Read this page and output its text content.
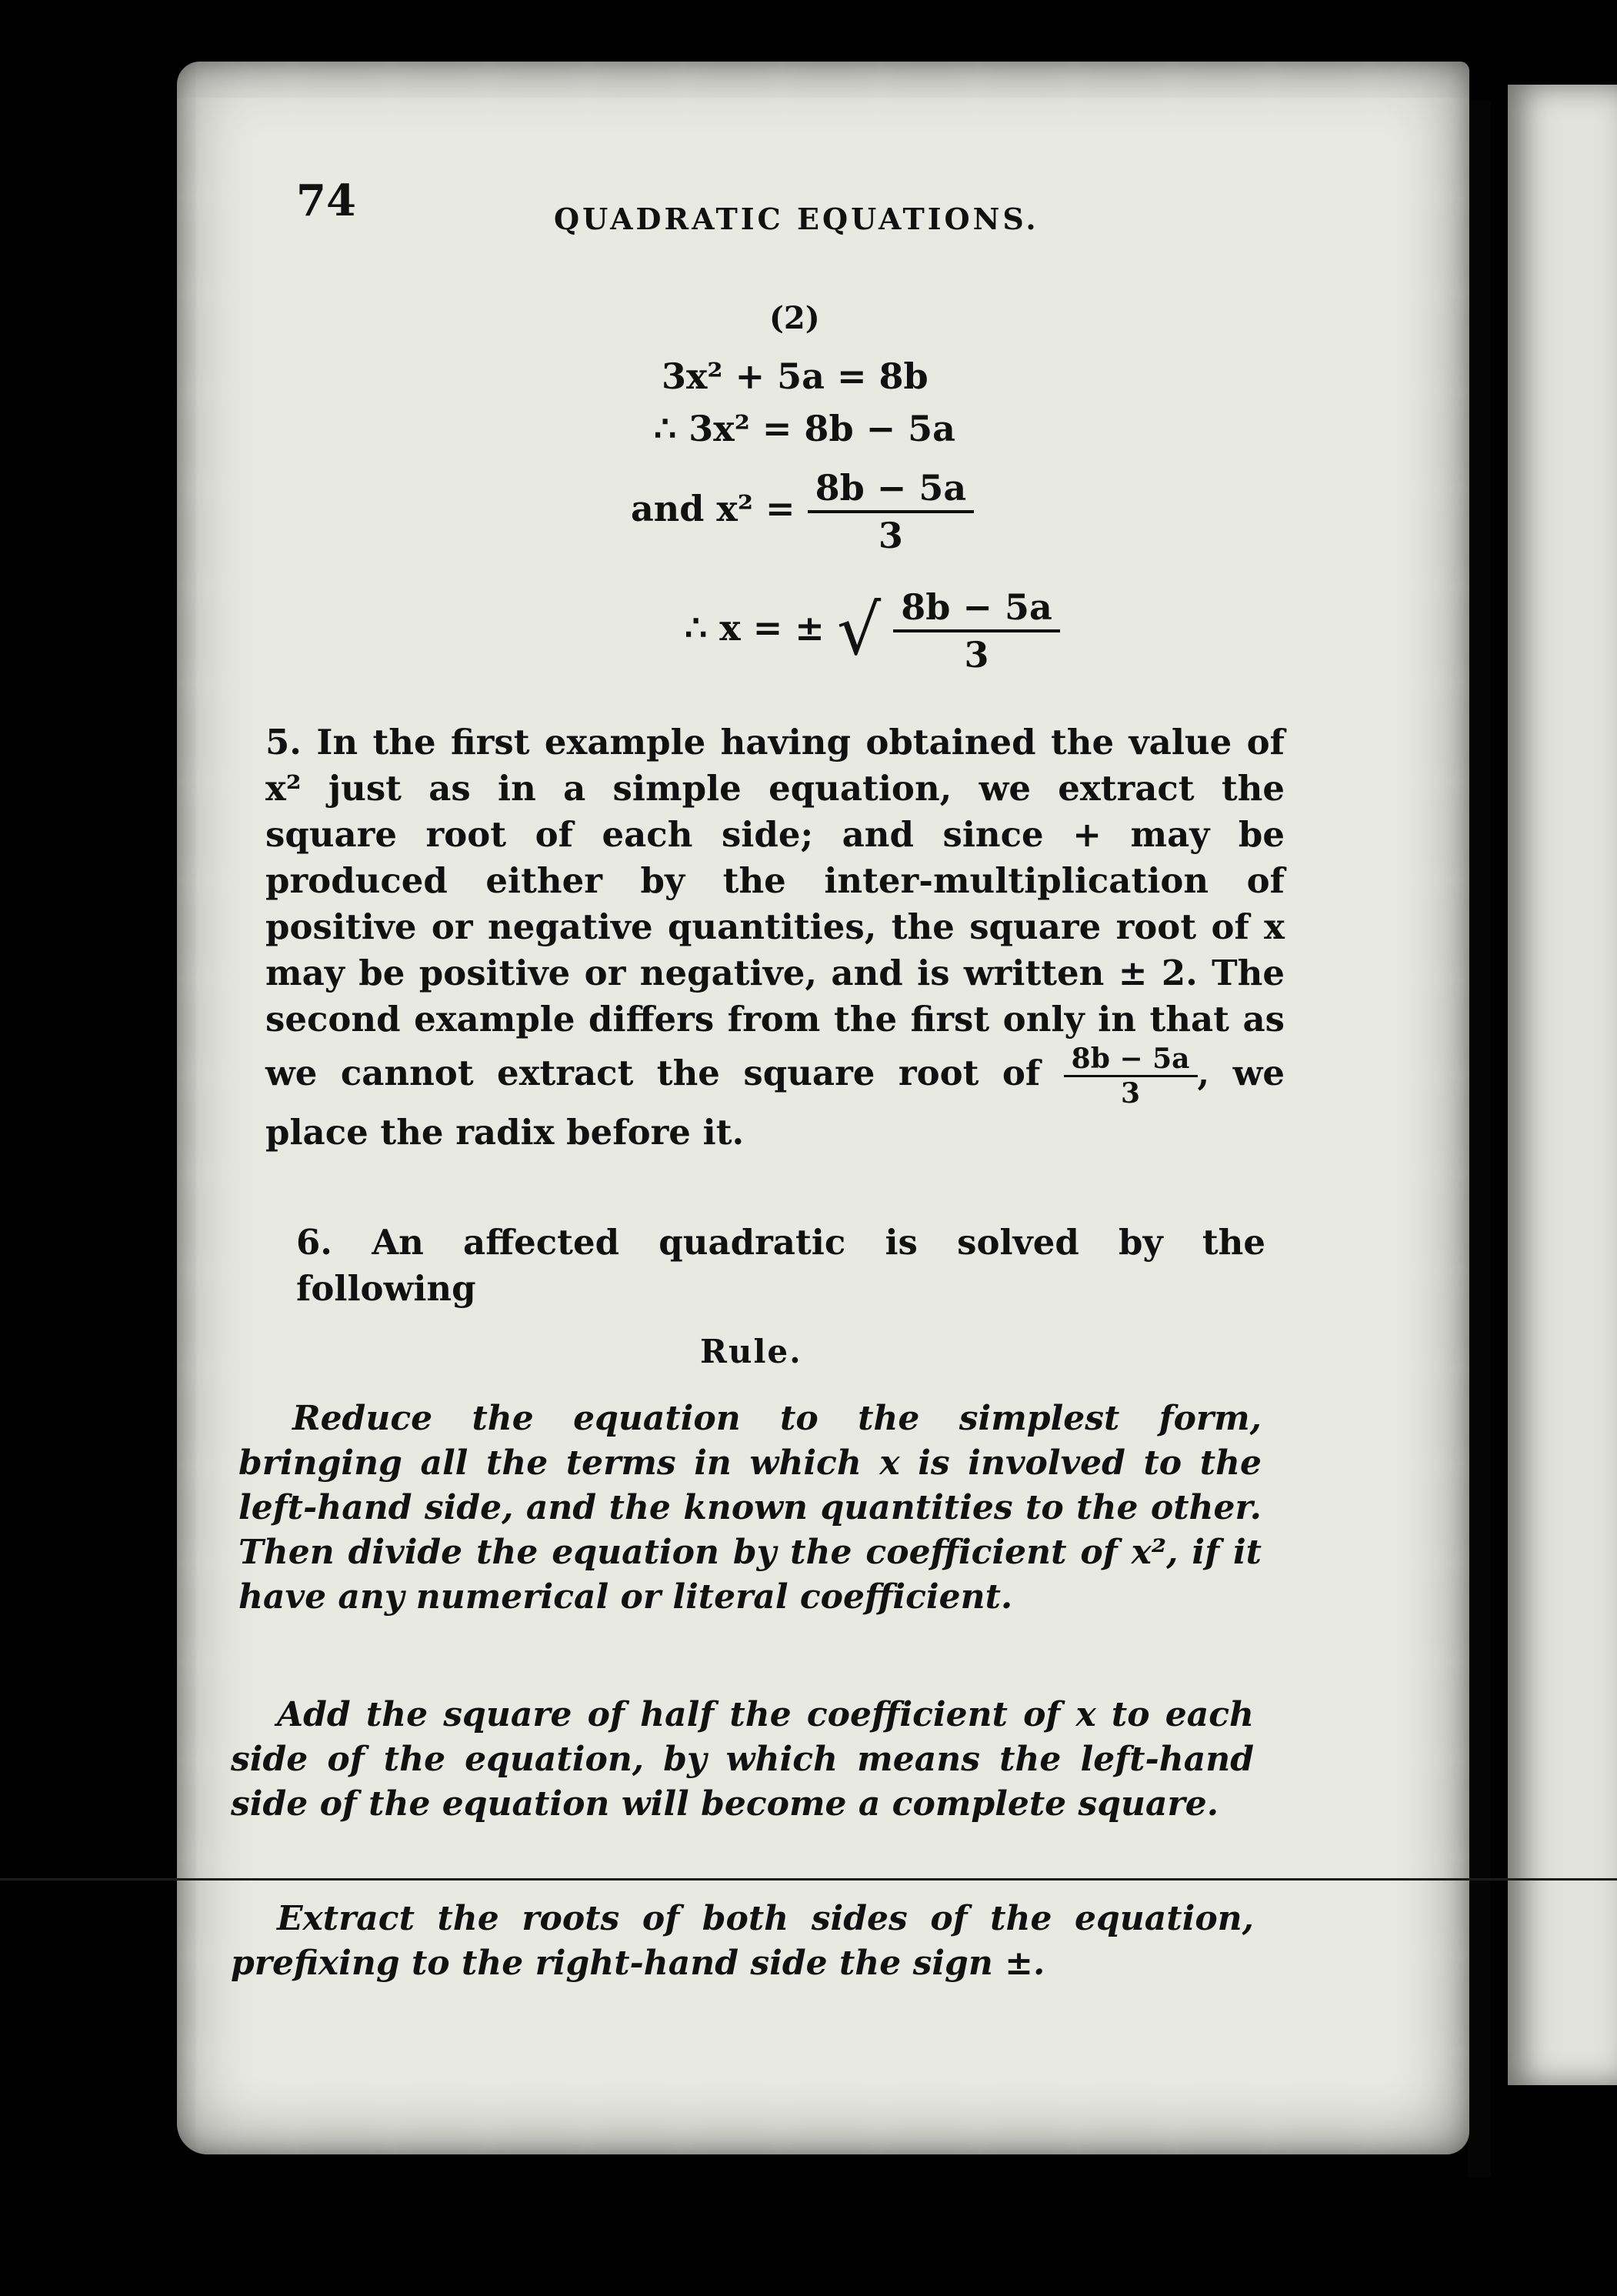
74	QUADRATIC EQUATIONS.
(2)
3x² + 5a = 8b
∴ 3x² = 8b − 5a
and $x^2 = \frac{8b - 5a}{3}$
∴ x = ± √ $\frac{8b - 5a}{3}$
5. In the first example having obtained the value of x² just as in a simple equation, we extract the square root of each side; and since + may be produced either by the inter-multiplication of positive or negative quantities, the square root of x may be positive or negative, and is written ± 2. The second example differs from the first only in that as we cannot extract the square root of $\frac{8b - 5a}{3}$ , we place the radix before it.
6. An affected quadratic is solved by the following
Rule.
Reduce the equation to the simplest form, bringing all the terms in which x is involved to the left-hand side, and the known quantities to the other. Then divide the equation by the coefficient of x², if it have any numerical or literal coefficient.
Add the square of half the coefficient of x to each side of the equation, by which means the left-hand side of the equation will become a complete square.
Extract the roots of both sides of the equation, prefixing to the right-hand side the sign ±.
